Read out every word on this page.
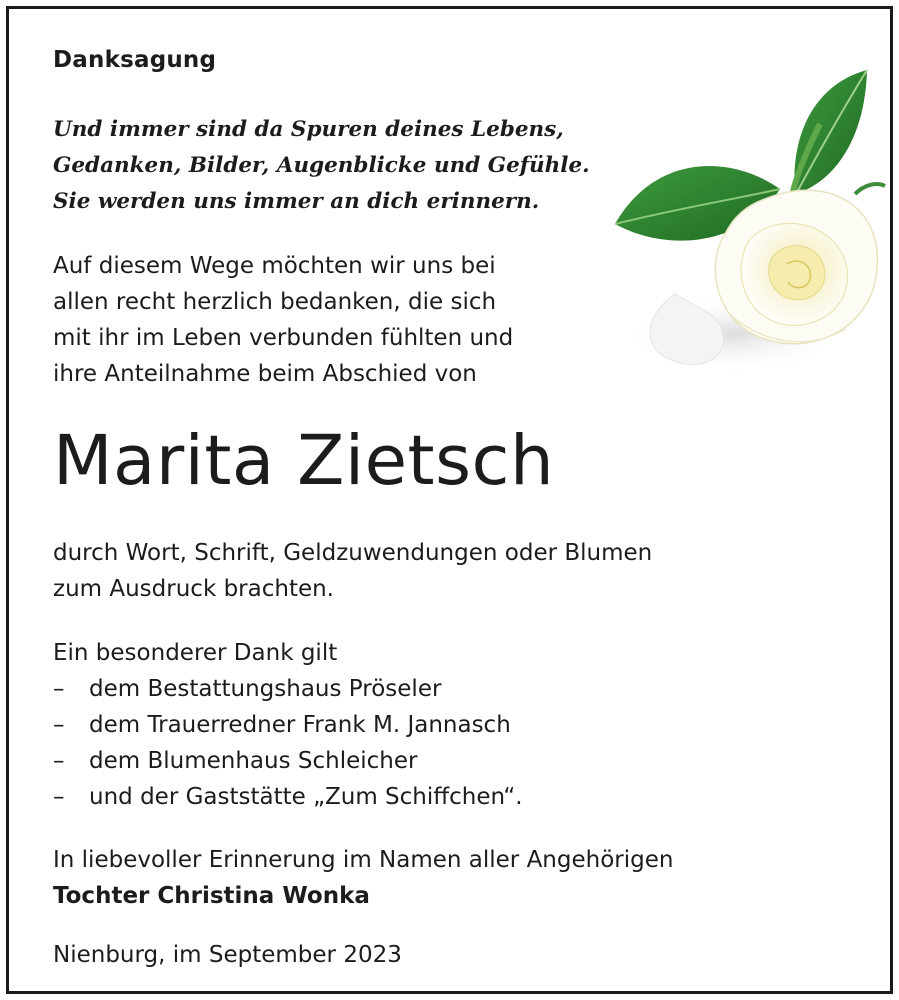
Danksagung
Und immer sind da Spuren deines Lebens,
Gedanken, Bilder, Augenblicke und Gefühle.
Sie werden uns immer an dich erinnern.
Auf diesem Wege möchten wir uns bei
allen recht herzlich bedanken, die sich
mit ihr im Leben verbunden fühlten und
ihre Anteilnahme beim Abschied von
Marita Zietsch
durch Wort, Schrift, Geldzuwendungen oder Blumen
zum Ausdruck brachten.
Ein besonderer Dank gilt
– dem Bestattungshaus Pröseler
– dem Trauerredner Frank M. Jannasch
– dem Blumenhaus Schleicher
– und der Gaststätte „Zum Schiffchen“.
In liebevoller Erinnerung im Namen aller Angehörigen
Tochter Christina Wonka
Nienburg, im September 2023
